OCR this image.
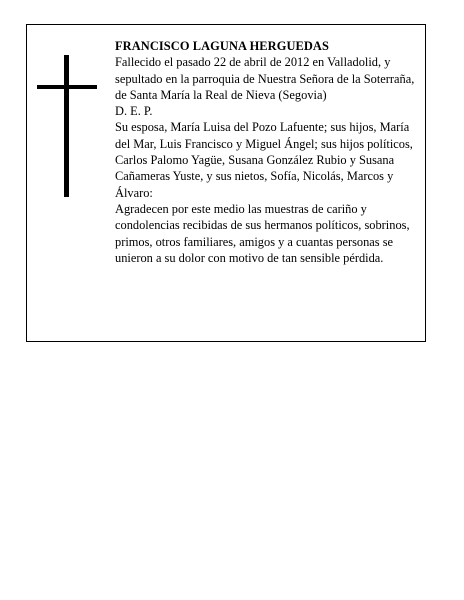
FRANCISCO LAGUNA HERGUEDAS

Fallecido el pasado 22 de abril de 2012 en Valladolid, y sepultado en la parroquia de Nuestra Señora de la Soterraña, de Santa María la Real de Nieva (Segovia)

D. E. P.

Su esposa, María Luisa del Pozo Lafuente; sus hijos, María del Mar, Luis Francisco y Miguel Ángel; sus hijos políticos, Carlos Palomo Yagüe, Susana González Rubio y Susana Cañameras Yuste, y sus nietos, Sofía, Nicolás, Marcos y Álvaro:

Agradecen por este medio las muestras de cariño y condolencias recibidas de sus hermanos políticos, sobrinos, primos, otros familiares, amigos y a cuantas personas se unieron a su dolor con motivo de tan sensible pérdida.
